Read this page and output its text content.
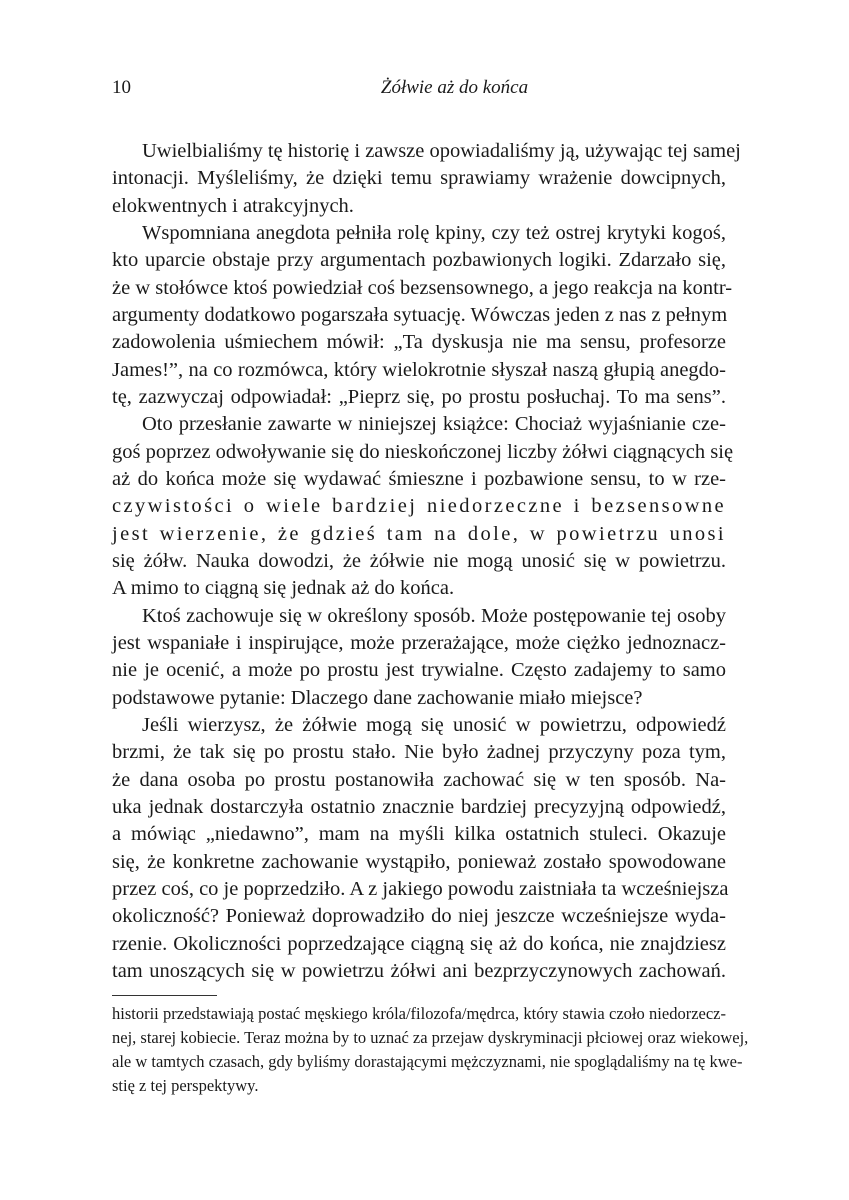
10	Żółwie aż do końca
Uwielbialiśmy tę historię i zawsze opowiadaliśmy ją, używając tej samej
intonacji. Myśleliśmy, że dzięki temu sprawiamy wrażenie dowcipnych,
elokwentnych i atrakcyjnych.
Wspomniana anegdota pełniła rolę kpiny, czy też ostrej krytyki kogoś,
kto uparcie obstaje przy argumentach pozbawionych logiki. Zdarzało się,
że w stołówce ktoś powiedział coś bezsensownego, a jego reakcja na kontr-
argumenty dodatkowo pogarszała sytuację. Wówczas jeden z nas z pełnym
zadowolenia uśmiechem mówił: „Ta dyskusja nie ma sensu, profesorze
James!”, na co rozmówca, który wielokrotnie słyszał naszą głupią anegdo-
tę, zazwyczaj odpowiadał: „Pieprz się, po prostu posłuchaj. To ma sens”.
Oto przesłanie zawarte w niniejszej książce: Chociaż wyjaśnianie cze-
goś poprzez odwoływanie się do nieskończonej liczby żółwi ciągnących się
aż do końca może się wydawać śmieszne i pozbawione sensu, to w rze-
czywistości o wiele bardziej niedorzeczne i bezsensowne
jest wierzenie, że gdzieś tam na dole, w powietrzu unosi
się żółw. Nauka dowodzi, że żółwie nie mogą unosić się w powietrzu.
A mimo to ciągną się jednak aż do końca.
Ktoś zachowuje się w określony sposób. Może postępowanie tej osoby
jest wspaniałe i inspirujące, może przerażające, może ciężko jednoznacz-
nie je ocenić, a może po prostu jest trywialne. Często zadajemy to samo
podstawowe pytanie: Dlaczego dane zachowanie miało miejsce?
Jeśli wierzysz, że żółwie mogą się unosić w powietrzu, odpowiedź
brzmi, że tak się po prostu stało. Nie było żadnej przyczyny poza tym,
że dana osoba po prostu postanowiła zachować się w ten sposób. Na-
uka jednak dostarczyła ostatnio znacznie bardziej precyzyjną odpowiedź,
a mówiąc „niedawno”, mam na myśli kilka ostatnich stuleci. Okazuje
się, że konkretne zachowanie wystąpiło, ponieważ zostało spowodowane
przez coś, co je poprzedziło. A z jakiego powodu zaistniała ta wcześniejsza
okoliczność? Ponieważ doprowadziło do niej jeszcze wcześniejsze wyda-
rzenie. Okoliczności poprzedzające ciągną się aż do końca, nie znajdziesz
tam unoszących się w powietrzu żółwi ani bezprzyczynowych zachowań.
historii przedstawiają postać męskiego króla/filozofa/mędrca, który stawia czoło niedorzecz-
nej, starej kobiecie. Teraz można by to uznać za przejaw dyskryminacji płciowej oraz wiekowej,
ale w tamtych czasach, gdy byliśmy dorastającymi mężczyznami, nie spoglądaliśmy na tę kwe-
stię z tej perspektywy.
